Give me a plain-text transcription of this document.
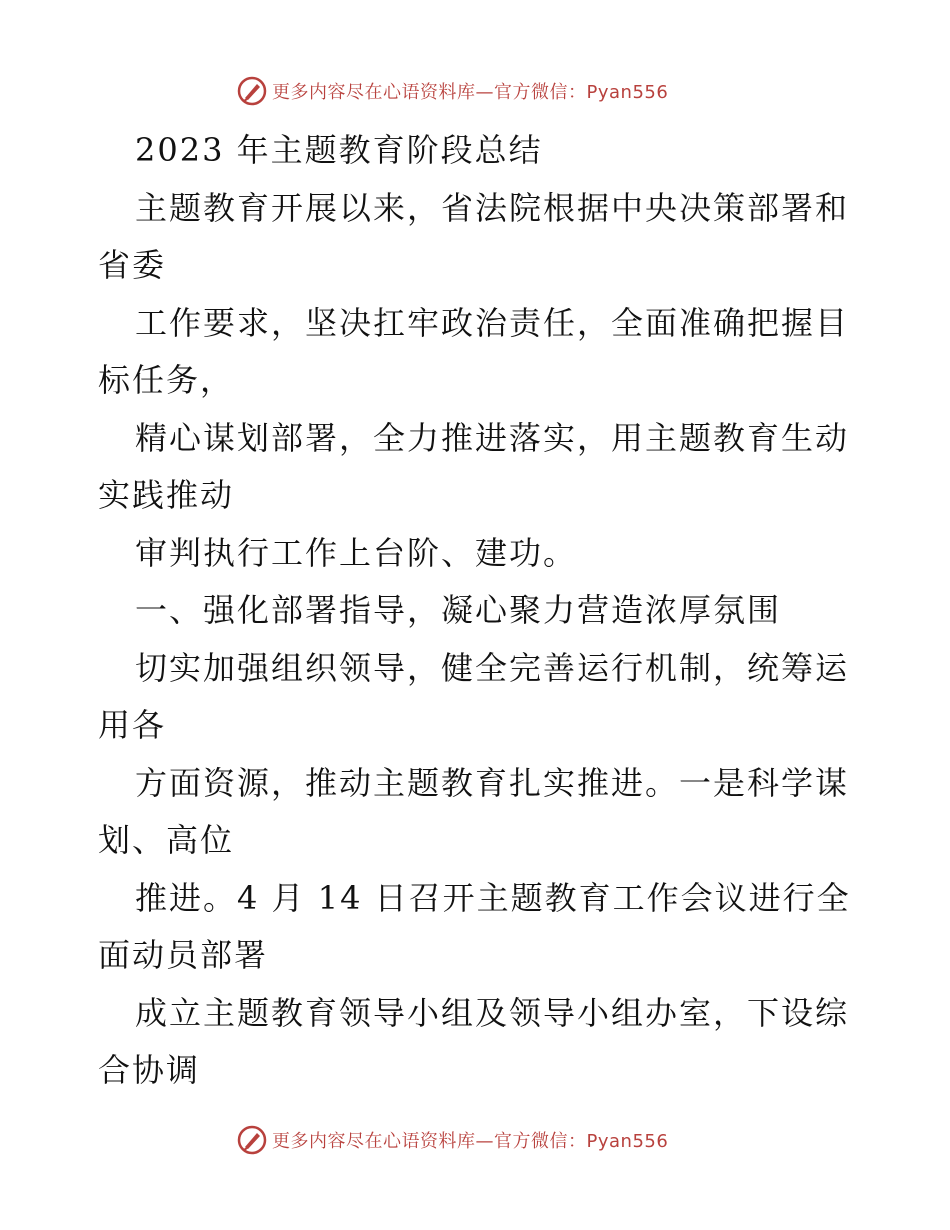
更多内容尽在心语资料库—官方微信：Pyan556
2023 年主题教育阶段总结
主题教育开展以来，省法院根据中央决策部署和
省委
工作要求，坚决扛牢政治责任，全面准确把握目
标任务，
精心谋划部署，全力推进落实，用主题教育生动
实践推动
审判执行工作上台阶、建功。
一、强化部署指导，凝心聚力营造浓厚氛围
切实加强组织领导，健全完善运行机制，统筹运
用各
方面资源，推动主题教育扎实推进。一是科学谋
划、高位
推进。4 月 14 日召开主题教育工作会议进行全
面动员部署
成立主题教育领导小组及领导小组办室，下设综
合协调
更多内容尽在心语资料库—官方微信：Pyan556
